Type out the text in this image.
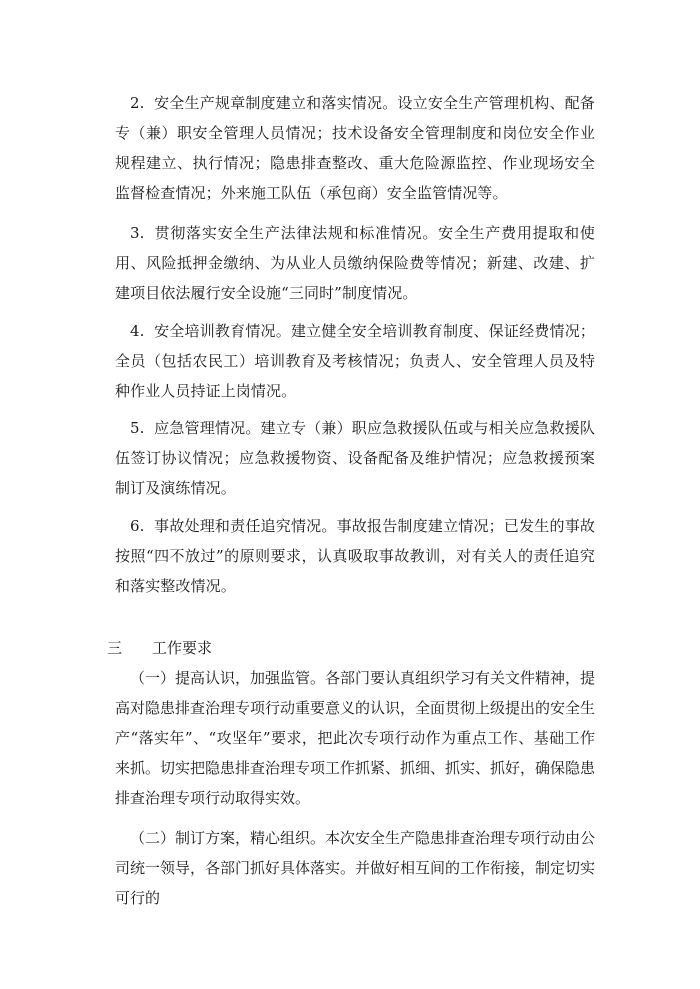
2. 安全生产规章制度建立和落实情况。设立安全生产管理机构、配备专（兼）职安全管理人员情况；技术设备安全管理制度和岗位安全作业规程建立、执行情况；隐患排查整改、重大危险源监控、作业现场安全监督检查情况；外来施工队伍（承包商）安全监管情况等。
3. 贯彻落实安全生产法律法规和标准情况。安全生产费用提取和使用、风险抵押金缴纳、为从业人员缴纳保险费等情况；新建、改建、扩建项目依法履行安全设施“三同时”制度情况。
4. 安全培训教育情况。建立健全安全培训教育制度、保证经费情况；全员（包括农民工）培训教育及考核情况；负责人、安全管理人员及特种作业人员持证上岗情况。
5. 应急管理情况。建立专（兼）职应急救援队伍或与相关应急救援队伍签订协议情况；应急救援物资、设备配备及维护情况；应急救援预案制订及演练情况。
6. 事故处理和责任追究情况。事故报告制度建立情况；已发生的事故按照“四不放过”的原则要求，认真吸取事故教训，对有关人的责任追究和落实整改情况。
三 工作要求
（一）提高认识，加强监管。各部门要认真组织学习有关文件精神，提高对隐患排查治理专项行动重要意义的认识，全面贯彻上级提出的安全生产“落实年”、“攻坚年”要求，把此次专项行动作为重点工作、基础工作来抓。切实把隐患排查治理专项工作抓紧、抓细、抓实、抓好，确保隐患排查治理专项行动取得实效。
（二）制订方案，精心组织。本次安全生产隐患排查治理专项行动由公司统一领导，各部门抓好具体落实。并做好相互间的工作衔接，制定切实可行的
